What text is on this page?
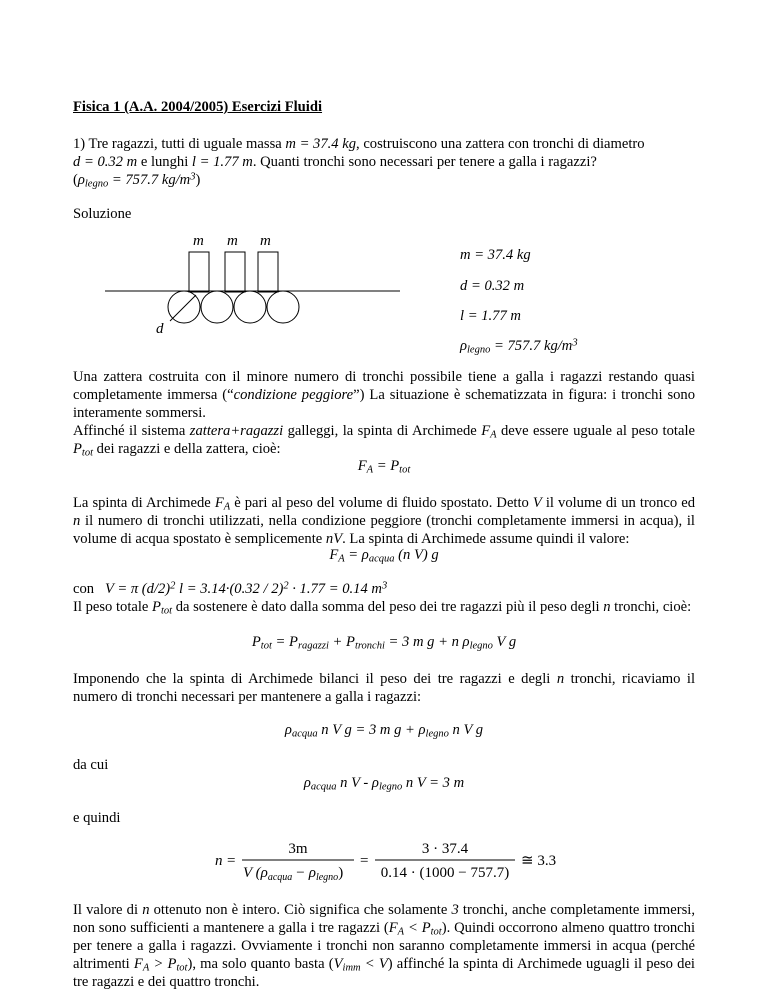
Fisica 1 (A.A. 2004/2005) Esercizi Fluidi
1) Tre ragazzi, tutti di uguale massa m = 37.4 kg, costruiscono una zattera con tronchi di diametro
d = 0.32 m e lunghi l = 1.77 m. Quanti tronchi sono necessari per tenere a galla i ragazzi?
($\rho_{legno} = 757.7$ $kg/m^3$)
Soluzione
m m m
d
m = 37.4 kg
d = 0.32 m
l = 1.77 m
$\rho_{legno} = 757.7$ $kg/m^3$
Una zattera costruita con il minore numero di tronchi possibile tiene a galla i ragazzi restando quasi completamente immersa (“condizione peggiore”) La situazione è schematizzata in figura: i tronchi sono interamente sommersi.
Affinché il sistema zattera+ragazzi galleggi, la spinta di Archimede $F_A$ deve essere uguale al peso totale $P_{tot}$ dei ragazzi e della zattera, cioè:
$F_A = P_{tot}$
La spinta di Archimede $F_A$ è pari al peso del volume di fluido spostato. Detto V il volume di un tronco ed n il numero di tronchi utilizzati, nella condizione peggiore (tronchi completamente immersi in acqua), il volume di acqua spostato è semplicemente nV. La spinta di Archimede assume quindi il valore:
$F_A = \rho_{acqua}$ (n V) g
con V = π $(d/2)^2$ l = 3.14·(0.32 / 2)$^2$ · 1.77 = 0.14 $m^3$
Il peso totale $P_{tot}$ da sostenere è dato dalla somma del peso dei tre ragazzi più il peso degli n tronchi, cioè:
$P_{tot} = P_{ragazzi} + P_{tronchi} = 3$ m g + n $\rho_{legno}$ V g
Imponendo che la spinta di Archimede bilanci il peso dei tre ragazzi e degli n tronchi, ricaviamo il numero di tronchi necessari per mantenere a galla i ragazzi:
$\rho_{acqua}$ n V g = 3 m $g + \rho_{legno}$ n V g
da cui
$\rho_{acqua}$ n V - $\rho_{legno}$ n V = 3 m
e quindi
n =
3m
V $(\rho_{acqua} - \rho_{legno})$
=
3 · 37.4
0.14 · (1000 − 757.7)
≅ 3.3
Il valore di n ottenuto non è intero. Ciò significa che solamente 3 tronchi, anche completamente immersi, non sono sufficienti a mantenere a galla i tre ragazzi $(F_A < P_{tot})$. Quindi occorrono almeno quattro tronchi per tenere a galla i ragazzi. Ovviamente i tronchi non saranno completamente immersi in acqua (perché altrimenti $F_A > P_{tot}$), ma solo quanto basta $(V_{imm} < V)$ affinché la spinta di Archimede uguagli il peso dei tre ragazzi e dei quattro tronchi.
